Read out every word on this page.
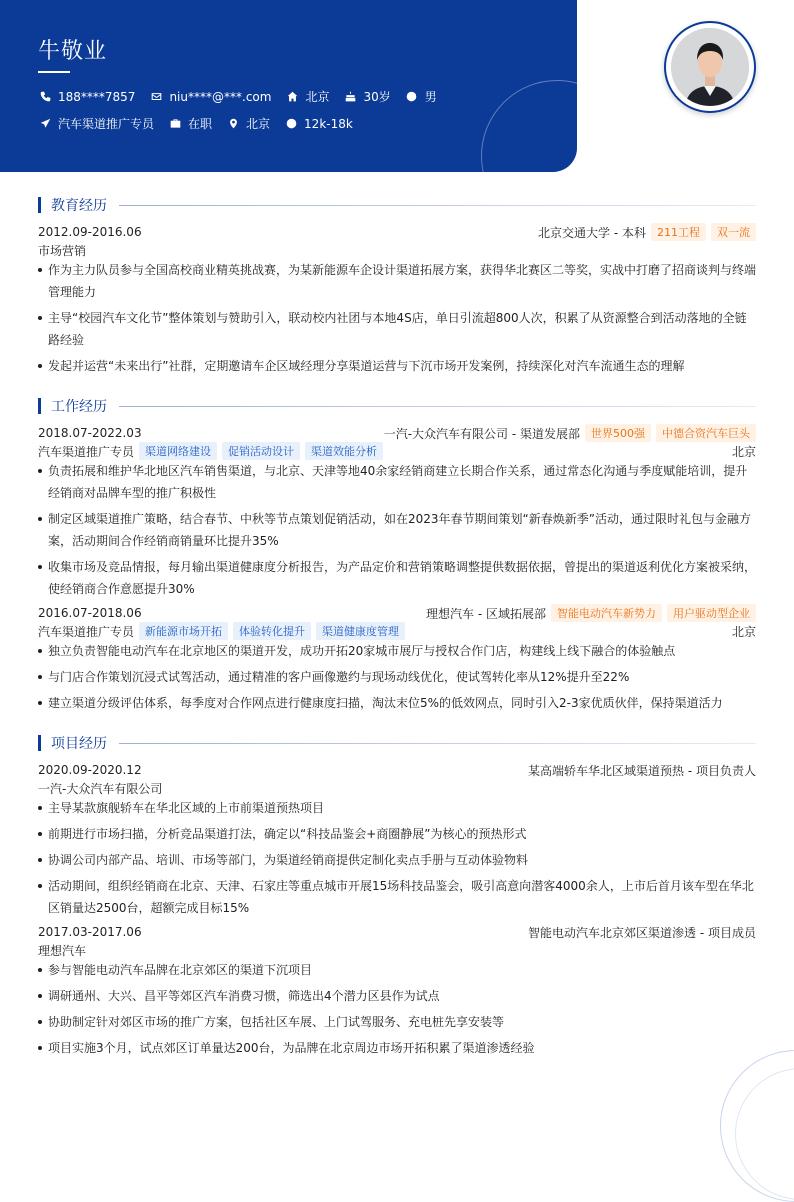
牛敬业
188****7857	niu****@***.com	北京	30岁	男
汽车渠道推广专员	在职	北京	12k-18k
教育经历
2012.09-2016.06	北京交通大学 - 本科	211工程	双一流
市场营销
作为主力队员参与全国高校商业精英挑战赛，为某新能源车企设计渠道拓展方案，获得华北赛区二等奖，实战中打磨了招商谈判与终端管理能力
主导“校园汽车文化节”整体策划与赞助引入，联动校内社团与本地4S店，单日引流超800人次，积累了从资源整合到活动落地的全链路经验
发起并运营“未来出行”社群，定期邀请车企区域经理分享渠道运营与下沉市场开发案例，持续深化对汽车流通生态的理解
工作经历
2018.07-2022.03	一汽-大众汽车有限公司 - 渠道发展部	世界500强	中德合资汽车巨头
汽车渠道推广专员	渠道网络建设	促销活动设计	渠道效能分析	北京
负责拓展和维护华北地区汽车销售渠道，与北京、天津等地40余家经销商建立长期合作关系，通过常态化沟通与季度赋能培训，提升经销商对品牌车型的推广积极性
制定区域渠道推广策略，结合春节、中秋等节点策划促销活动，如在2023年春节期间策划“新春焕新季”活动，通过限时礼包与金融方案，活动期间合作经销商销量环比提升35%
收集市场及竞品情报，每月输出渠道健康度分析报告，为产品定价和营销策略调整提供数据依据，曾提出的渠道返利优化方案被采纳，使经销商合作意愿提升30%
2016.07-2018.06	理想汽车 - 区域拓展部	智能电动汽车新势力	用户驱动型企业
汽车渠道推广专员	新能源市场开拓	体验转化提升	渠道健康度管理	北京
独立负责智能电动汽车在北京地区的渠道开发，成功开拓20家城市展厅与授权合作门店，构建线上线下融合的体验触点
与门店合作策划沉浸式试驾活动，通过精准的客户画像邀约与现场动线优化，使试驾转化率从12%提升至22%
建立渠道分级评估体系，每季度对合作网点进行健康度扫描，淘汰末位5%的低效网点，同时引入2-3家优质伙伴，保持渠道活力
项目经历
2020.09-2020.12	某高端轿车华北区域渠道预热 - 项目负责人
一汽-大众汽车有限公司
主导某款旗舰轿车在华北区域的上市前渠道预热项目
前期进行市场扫描，分析竞品渠道打法，确定以“科技品鉴会+商圈静展”为核心的预热形式
协调公司内部产品、培训、市场等部门，为渠道经销商提供定制化卖点手册与互动体验物料
活动期间，组织经销商在北京、天津、石家庄等重点城市开展15场科技品鉴会，吸引高意向潜客4000余人，上市后首月该车型在华北区销量达2500台，超额完成目标15%
2017.03-2017.06	智能电动汽车北京郊区渠道渗透 - 项目成员
理想汽车
参与智能电动汽车品牌在北京郊区的渠道下沉项目
调研通州、大兴、昌平等郊区汽车消费习惯，筛选出4个潜力区县作为试点
协助制定针对郊区市场的推广方案，包括社区车展、上门试驾服务、充电桩先享安装等
项目实施3个月，试点郊区订单量达200台，为品牌在北京周边市场开拓积累了渠道渗透经验
